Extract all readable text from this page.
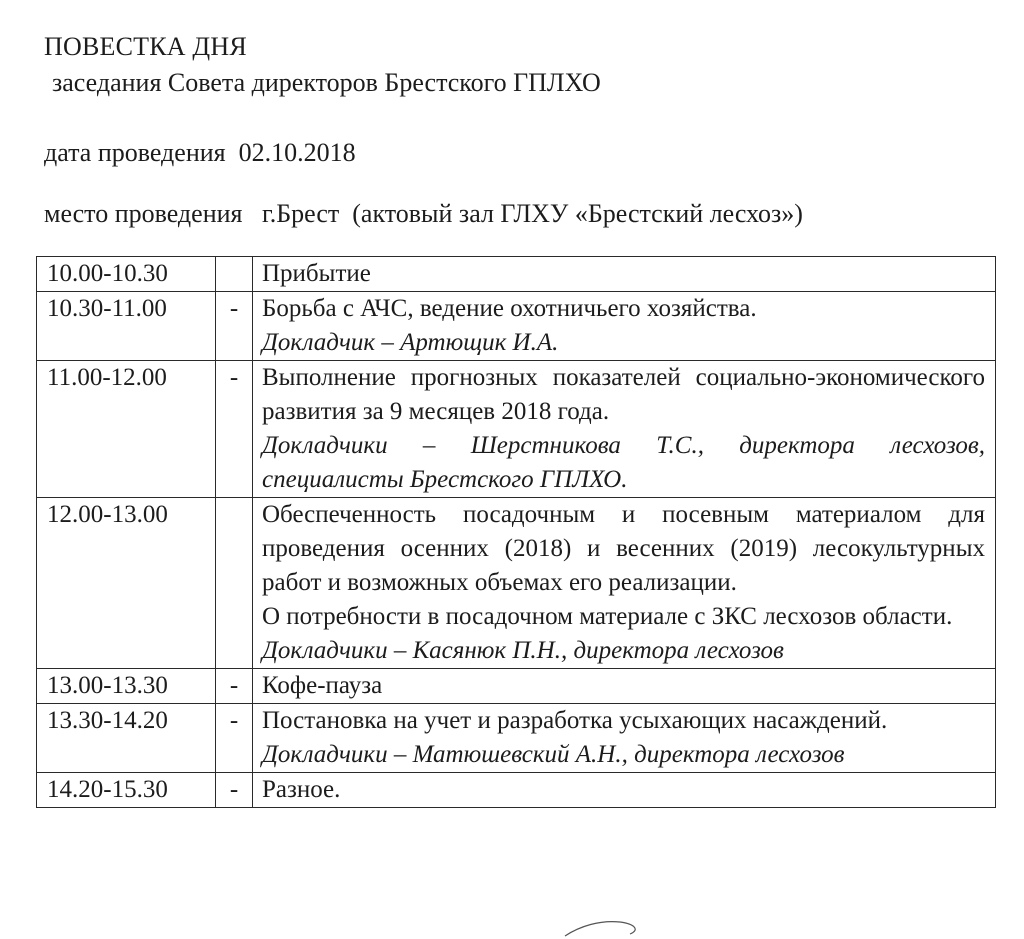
ПОВЕСТКА ДНЯ
заседания Совета директоров Брестского ГПЛХО
дата проведения 02.10.2018
место проведения г.Брест  (актовый зал ГЛХУ «Брестский лесхоз»)
10.00-10.30		Прибытие

10.30-11.00	-	Борьба с АЧС, ведение охотничьего хозяйства.
Докладчик – Артющик И.А.

11.00-12.00	-	Выполнение прогнозных показателей социально-экономического развития за 9 месяцев 2018 года.
Докладчики – Шерстникова Т.С., директора лесхозов, специалисты Брестского ГПЛХО.

12.00-13.00		Обеспеченность посадочным и посевным материалом для проведения осенних (2018) и весенних (2019) лесокультурных работ и возможных объемах его реализации.
О потребности в посадочном материале с ЗКС лесхозов области.
Докладчики – Касянюк П.Н., директора лесхозов

13.00-13.30	-	Кофе-пауза

13.30-14.20	-	Постановка на учет и разработка усыхающих насаждений.
Докладчики – Матюшевский А.Н., директора лесхозов

14.20-15.30	-	Разное.
